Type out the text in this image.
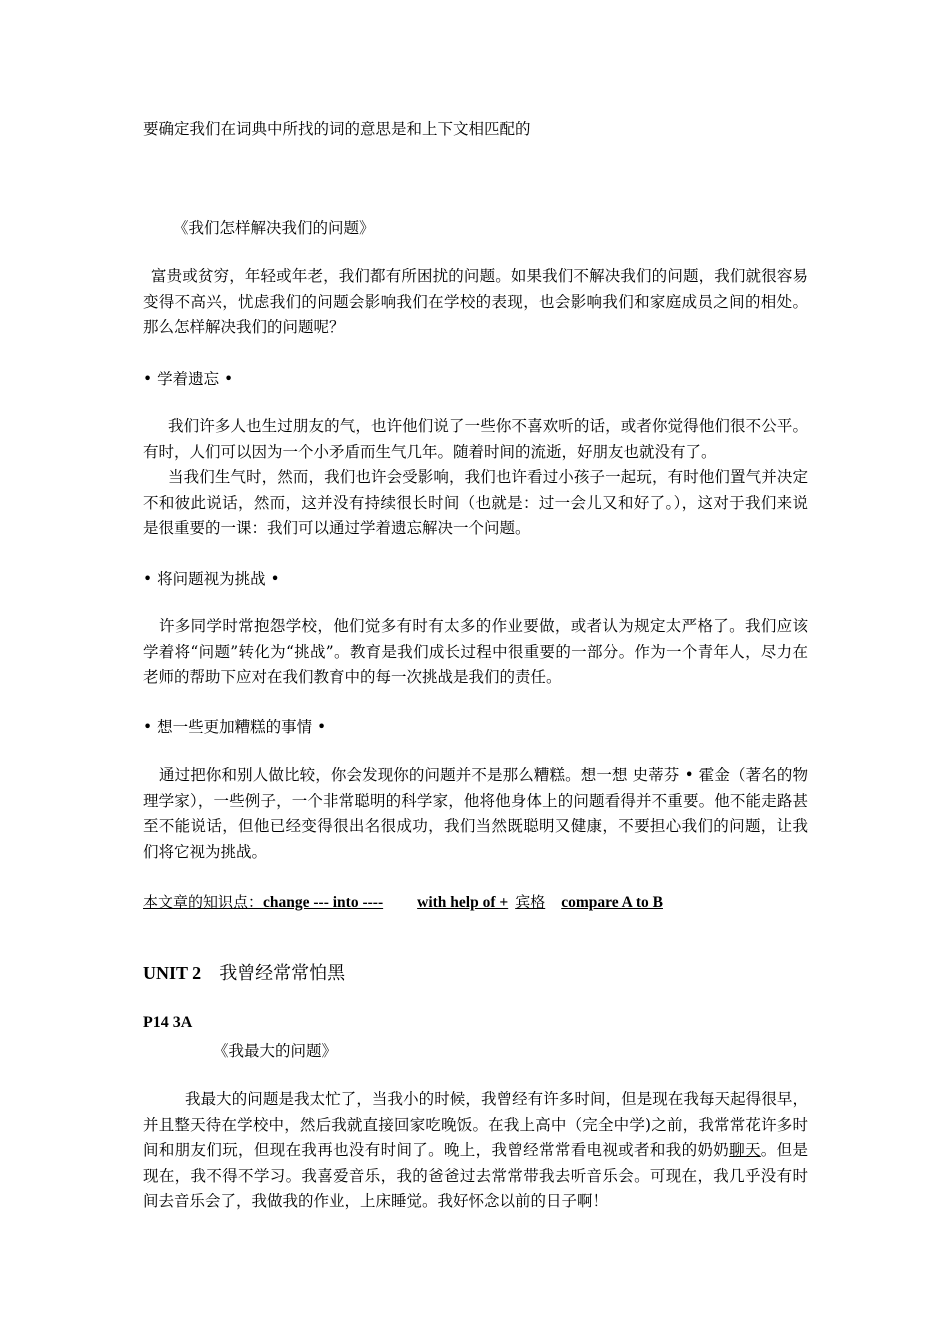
要确定我们在词典中所找的词的意思是和上下文相匹配的
《我们怎样解决我们的问题》
富贵或贫穷，年轻或年老，我们都有所困扰的问题。如果我们不解决我们的问题，我们就很容易变得不高兴，忧虑我们的问题会影响我们在学校的表现，也会影响我们和家庭成员之间的相处。那么怎样解决我们的问题呢？
• 学着遗忘 •
我们许多人也生过朋友的气，也许他们说了一些你不喜欢听的话，或者你觉得他们很不公平。有时，人们可以因为一个小矛盾而生气几年。随着时间的流逝，好朋友也就没有了。
当我们生气时，然而，我们也许会受影响，我们也许看过小孩子一起玩，有时他们置气并决定不和彼此说话，然而，这并没有持续很长时间（也就是：过一会儿又和好了。），这对于我们来说是很重要的一课：我们可以通过学着遗忘解决一个问题。
• 将问题视为挑战 •
许多同学时常抱怨学校，他们觉多有时有太多的作业要做，或者认为规定太严格了。我们应该学着将“问题”转化为“挑战”。教育是我们成长过程中很重要的一部分。作为一个青年人，尽力在老师的帮助下应对在我们教育中的每一次挑战是我们的责任。
• 想一些更加糟糕的事情 •
通过把你和别人做比较，你会发现你的问题并不是那么糟糕。想一想 史蒂芬 • 霍金（著名的物理学家），一些例子，一个非常聪明的科学家，他将他身体上的问题看得并不重要。他不能走路甚至不能说话，但他已经变得很出名很成功，我们当然既聪明又健康，不要担心我们的问题，让我们将它视为挑战。
本文章的知识点：change --- into ---- with help of + 宾格 compare A to B
UNIT 2 我曾经常常怕黑
P14 3A
《我最大的问题》
我最大的问题是我太忙了，当我小的时候，我曾经有许多时间，但是现在我每天起得很早，并且整天待在学校中，然后我就直接回家吃晚饭。在我上高中（完全中学)之前，我常常花许多时间和朋友们玩，但现在我再也没有时间了。晚上，我曾经常常看电视或者和我的奶奶聊天。但是现在，我不得不学习。我喜爱音乐，我的爸爸过去常常带我去听音乐会。可现在，我几乎没有时间去音乐会了，我做我的作业，上床睡觉。我好怀念以前的日子啊！
